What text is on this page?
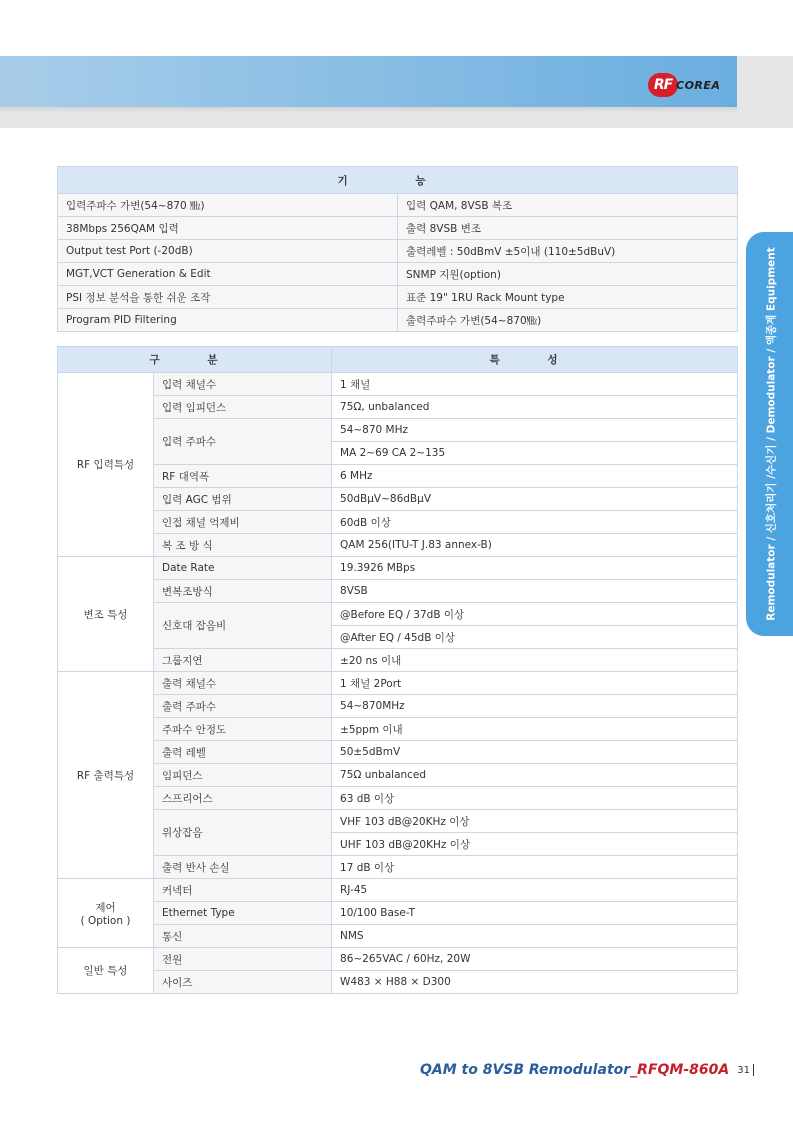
RF COREA
Remodulator / 신호처리기 /수신기 / Demodulator / 액종계 Equipment
기 능	
입력주파수 가변(54~870 ㎒)	입력 QAM, 8VSB 복조
38Mbps 256QAM 입력	출력 8VSB 변조
Output test Port (-20dB)	출력레벨 : 50dBmV ±5이내 (110±5dBuV)
MGT,VCT Generation & Edit	SNMP 지원(option)
PSI 정보 분석을 통한 쉬운 조작	표준 19" 1RU Rack Mount type
Program PID Filtering	출력주파수 가변(54~870㎒)
구 분		특 성
RF 입력특성	입력 채널수	1 채널
	입력 임피던스	75Ω, unbalanced
	입력 주파수	54~870 MHz
		MA 2~69 CA 2~135
	RF 대역폭	6 MHz
	입력 AGC 범위	50dBµV~86dBµV
	인접 채널 억제비	60dB 이상
	복 조 방 식	QAM 256(ITU-T J.83 annex-B)
변조 특성	Date Rate	19.3926 MBps
	변복조방식	8VSB
	신호대 잡음비	@Before EQ / 37dB 이상
		@After EQ / 45dB 이상
	그룹지연	±20 ns 이내
RF 출력특성	출력 채널수	1 채널 2Port
	출력 주파수	54~870MHz
	주파수 안정도	±5ppm 이내
	출력 레벨	50±5dBmV
	임피던스	75Ω unbalanced
	스프리어스	63 dB 이상
	위상잡음	VHF 103 dB@20KHz 이상
		UHF 103 dB@20KHz 이상
	출력 반사 손실	17 dB 이상
제어
( Option )	커넥터	RJ-45
	Ethernet Type	10/100 Base-T
	통신	NMS
일반 특성	전원	86~265VAC / 60Hz, 20W
	사이즈	W483 × H88 × D300
QAM to 8VSB Remodulator _RFQM-860A 31
